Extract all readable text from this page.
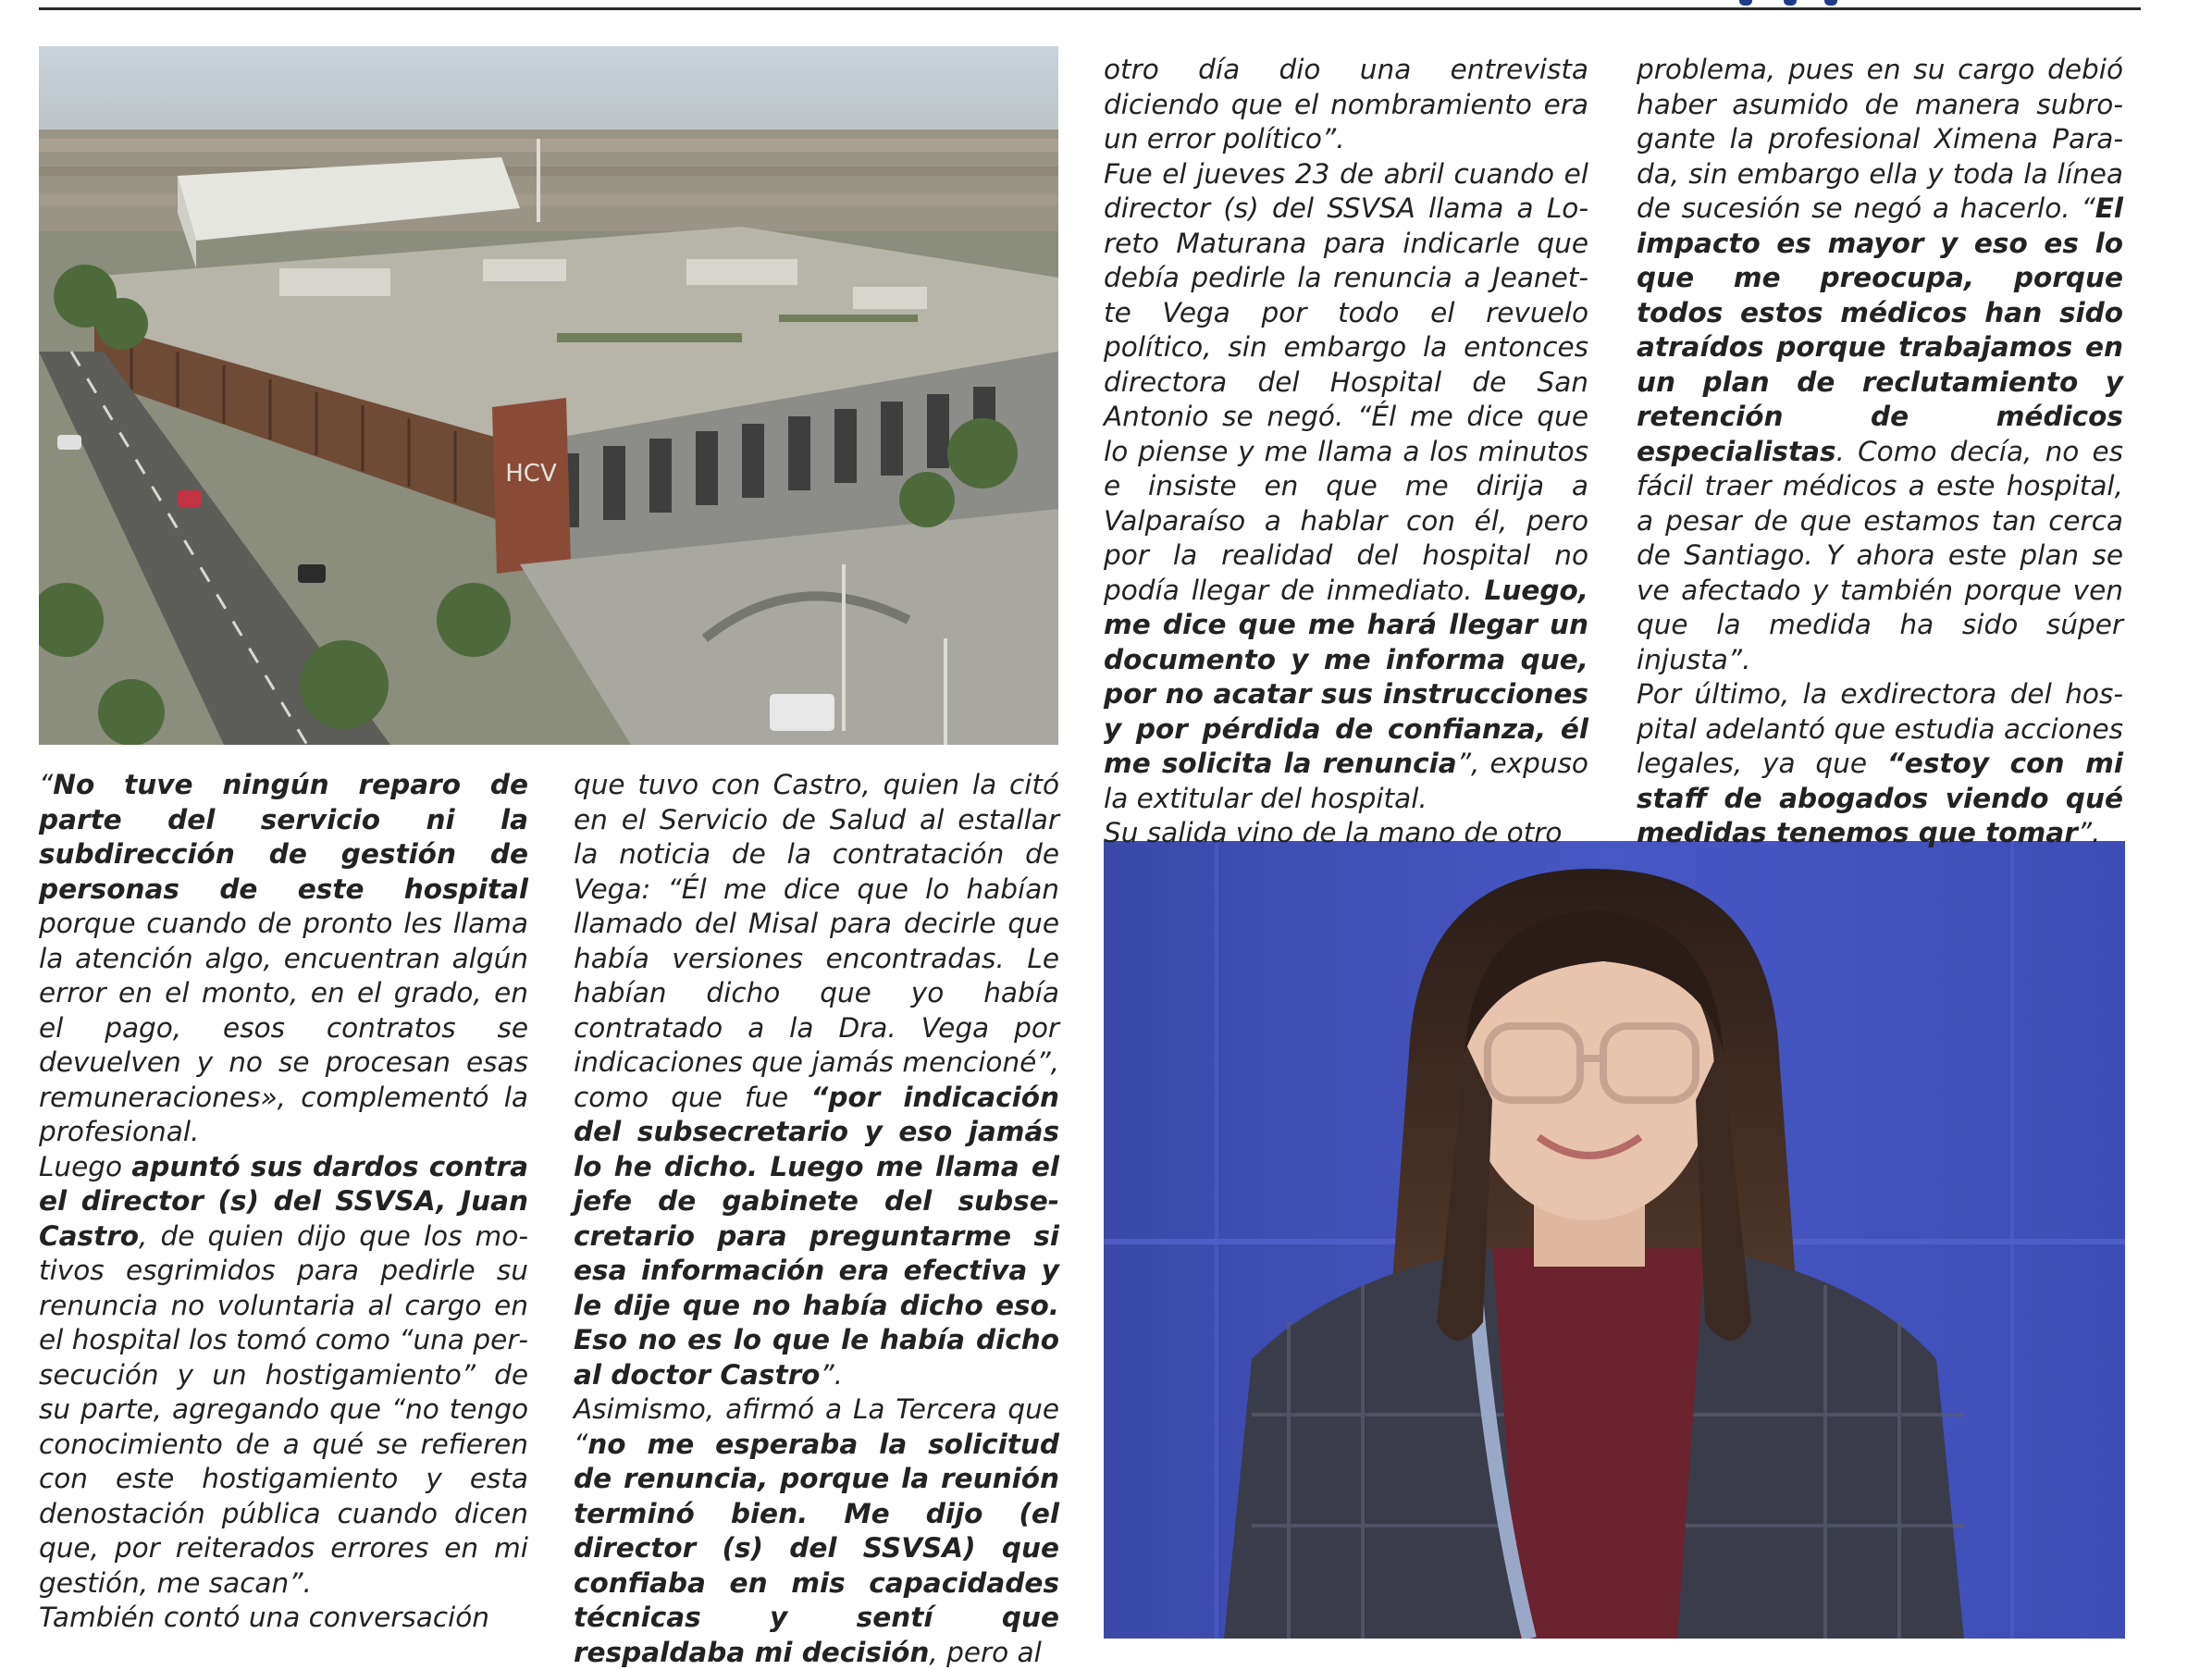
HCV

“No tuve ningún reparo de parte del servicio ni la subdirección de gestión de personas de este hospital porque cuando de pronto les llama la atención algo, encuentran algún error en el monto, en el grado, en el pago, esos contratos se devuelven y no se procesan esas remuneraciones», complementó la profesional.

Luego apuntó sus dardos contra el director (s) del SSVSA, Juan Castro, de quien dijo que los motivos esgrimidos para pedirle su renuncia no voluntaria al cargo en el hospital los tomó como “una persecución y un hostigamiento” de su parte, agregando que “no tengo conocimiento de a qué se refieren con este hostigamiento y esta denostación pública cuando dicen que, por reiterados errores en mi gestión, me sacan”.

También contó una conversación

que tuvo con Castro, quien la citó en el Servicio de Salud al estallar la noticia de la contratación de Vega: “Él me dice que lo habían llamado del Misal para decirle que había versiones encontradas. Le habían dicho que yo había contratado a la Dra. Vega por indicaciones que jamás mencioné”, como que fue “por indicación del subsecretario y eso jamás lo he dicho. Luego me llama el jefe de gabinete del subsecretario para preguntarme si esa información era efectiva y le dije que no había dicho eso. Eso no es lo que le había dicho al doctor Castro”.

Asimismo, afirmó a La Tercera que “no me esperaba la solicitud de renuncia, porque la reunión terminó bien. Me dijo (el director (s) del SSVSA) que confiaba en mis capacidades técnicas y sentí que respaldaba mi decisión, pero al

otro día dio una entrevista diciendo que el nombramiento era un error político”.

Fue el jueves 23 de abril cuando el director (s) del SSVSA llama a Loreto Maturana para indicarle que debía pedirle la renuncia a Jeanette Vega por todo el revuelo político, sin embargo la entonces directora del Hospital de San Antonio se negó. “Él me dice que lo piense y me llama a los minutos e insiste en que me dirija a Valparaíso a hablar con él, pero por la realidad del hospital no podía llegar de inmediato. Luego, me dice que me hará llegar un documento y me informa que, por no acatar sus instrucciones y por pérdida de confianza, él me solicita la renuncia”, expuso la extitular del hospital.

Su salida vino de la mano de otro

problema, pues en su cargo debió haber asumido de manera subrogante la profesional Ximena Parada, sin embargo ella y toda la línea de sucesión se negó a hacerlo. “El impacto es mayor y eso es lo que me preocupa, porque todos estos médicos han sido atraídos porque trabajamos en un plan de reclutamiento y retención de médicos especialistas. Como decía, no es fácil traer médicos a este hospital, a pesar de que estamos tan cerca de Santiago. Y ahora este plan se ve afectado y también porque ven que la medida ha sido súper injusta”.

Por último, la exdirectora del hospital adelantó que estudia acciones legales, ya que “estoy con mi staff de abogados viendo qué medidas tenemos que tomar”.
